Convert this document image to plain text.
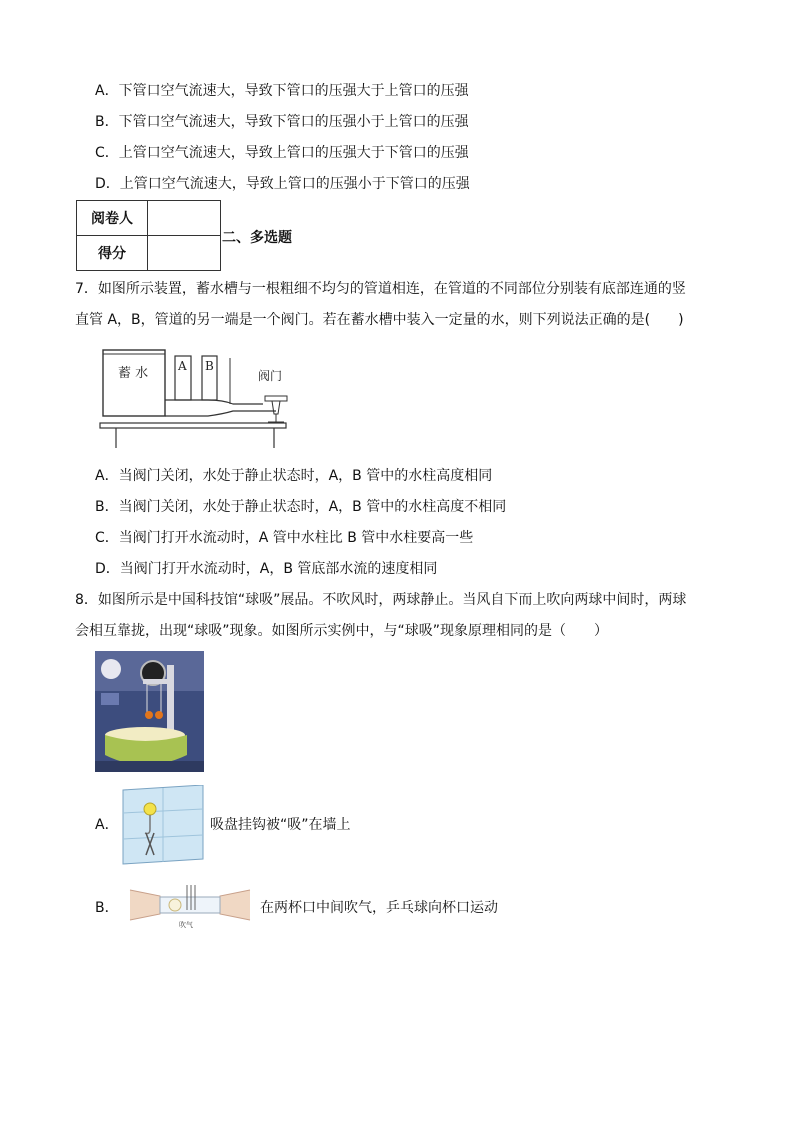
A．下管口空气流速大，导致下管口的压强大于上管口的压强
B．下管口空气流速大，导致下管口的压强小于上管口的压强
C．上管口空气流速大，导致上管口的压强大于下管口的压强
D．上管口空气流速大，导致上管口的压强小于下管口的压强
阅卷人	
得分	
二、多选题
7．如图所示装置，蓄水槽与一根粗细不均匀的管道相连，在管道的不同部位分别装有底部连通的竖
直管 A，B，管道的另一端是一个阀门。若在蓄水槽中装入一定量的水，则下列说法正确的是(　　)
蓄 水 A B
阀门
A．当阀门关闭，水处于静止状态时，A，B 管中的水柱高度相同
B．当阀门关闭，水处于静止状态时，A，B 管中的水柱高度不相同
C．当阀门打开水流动时，A 管中水柱比 B 管中水柱要高一些
D．当阀门打开水流动时，A，B 管底部水流的速度相同
8．如图所示是中国科技馆“球吸”展品。不吹风时，两球静止。当风自下而上吹向两球中间时，两球
会相互靠拢，出现“球吸”现象。如图所示实例中，与“球吸”现象原理相同的是（　　）
A．	吸盘挂钩被“吸”在墙上
B．
吹气
在两杯口中间吹气，乒乓球向杯口运动
